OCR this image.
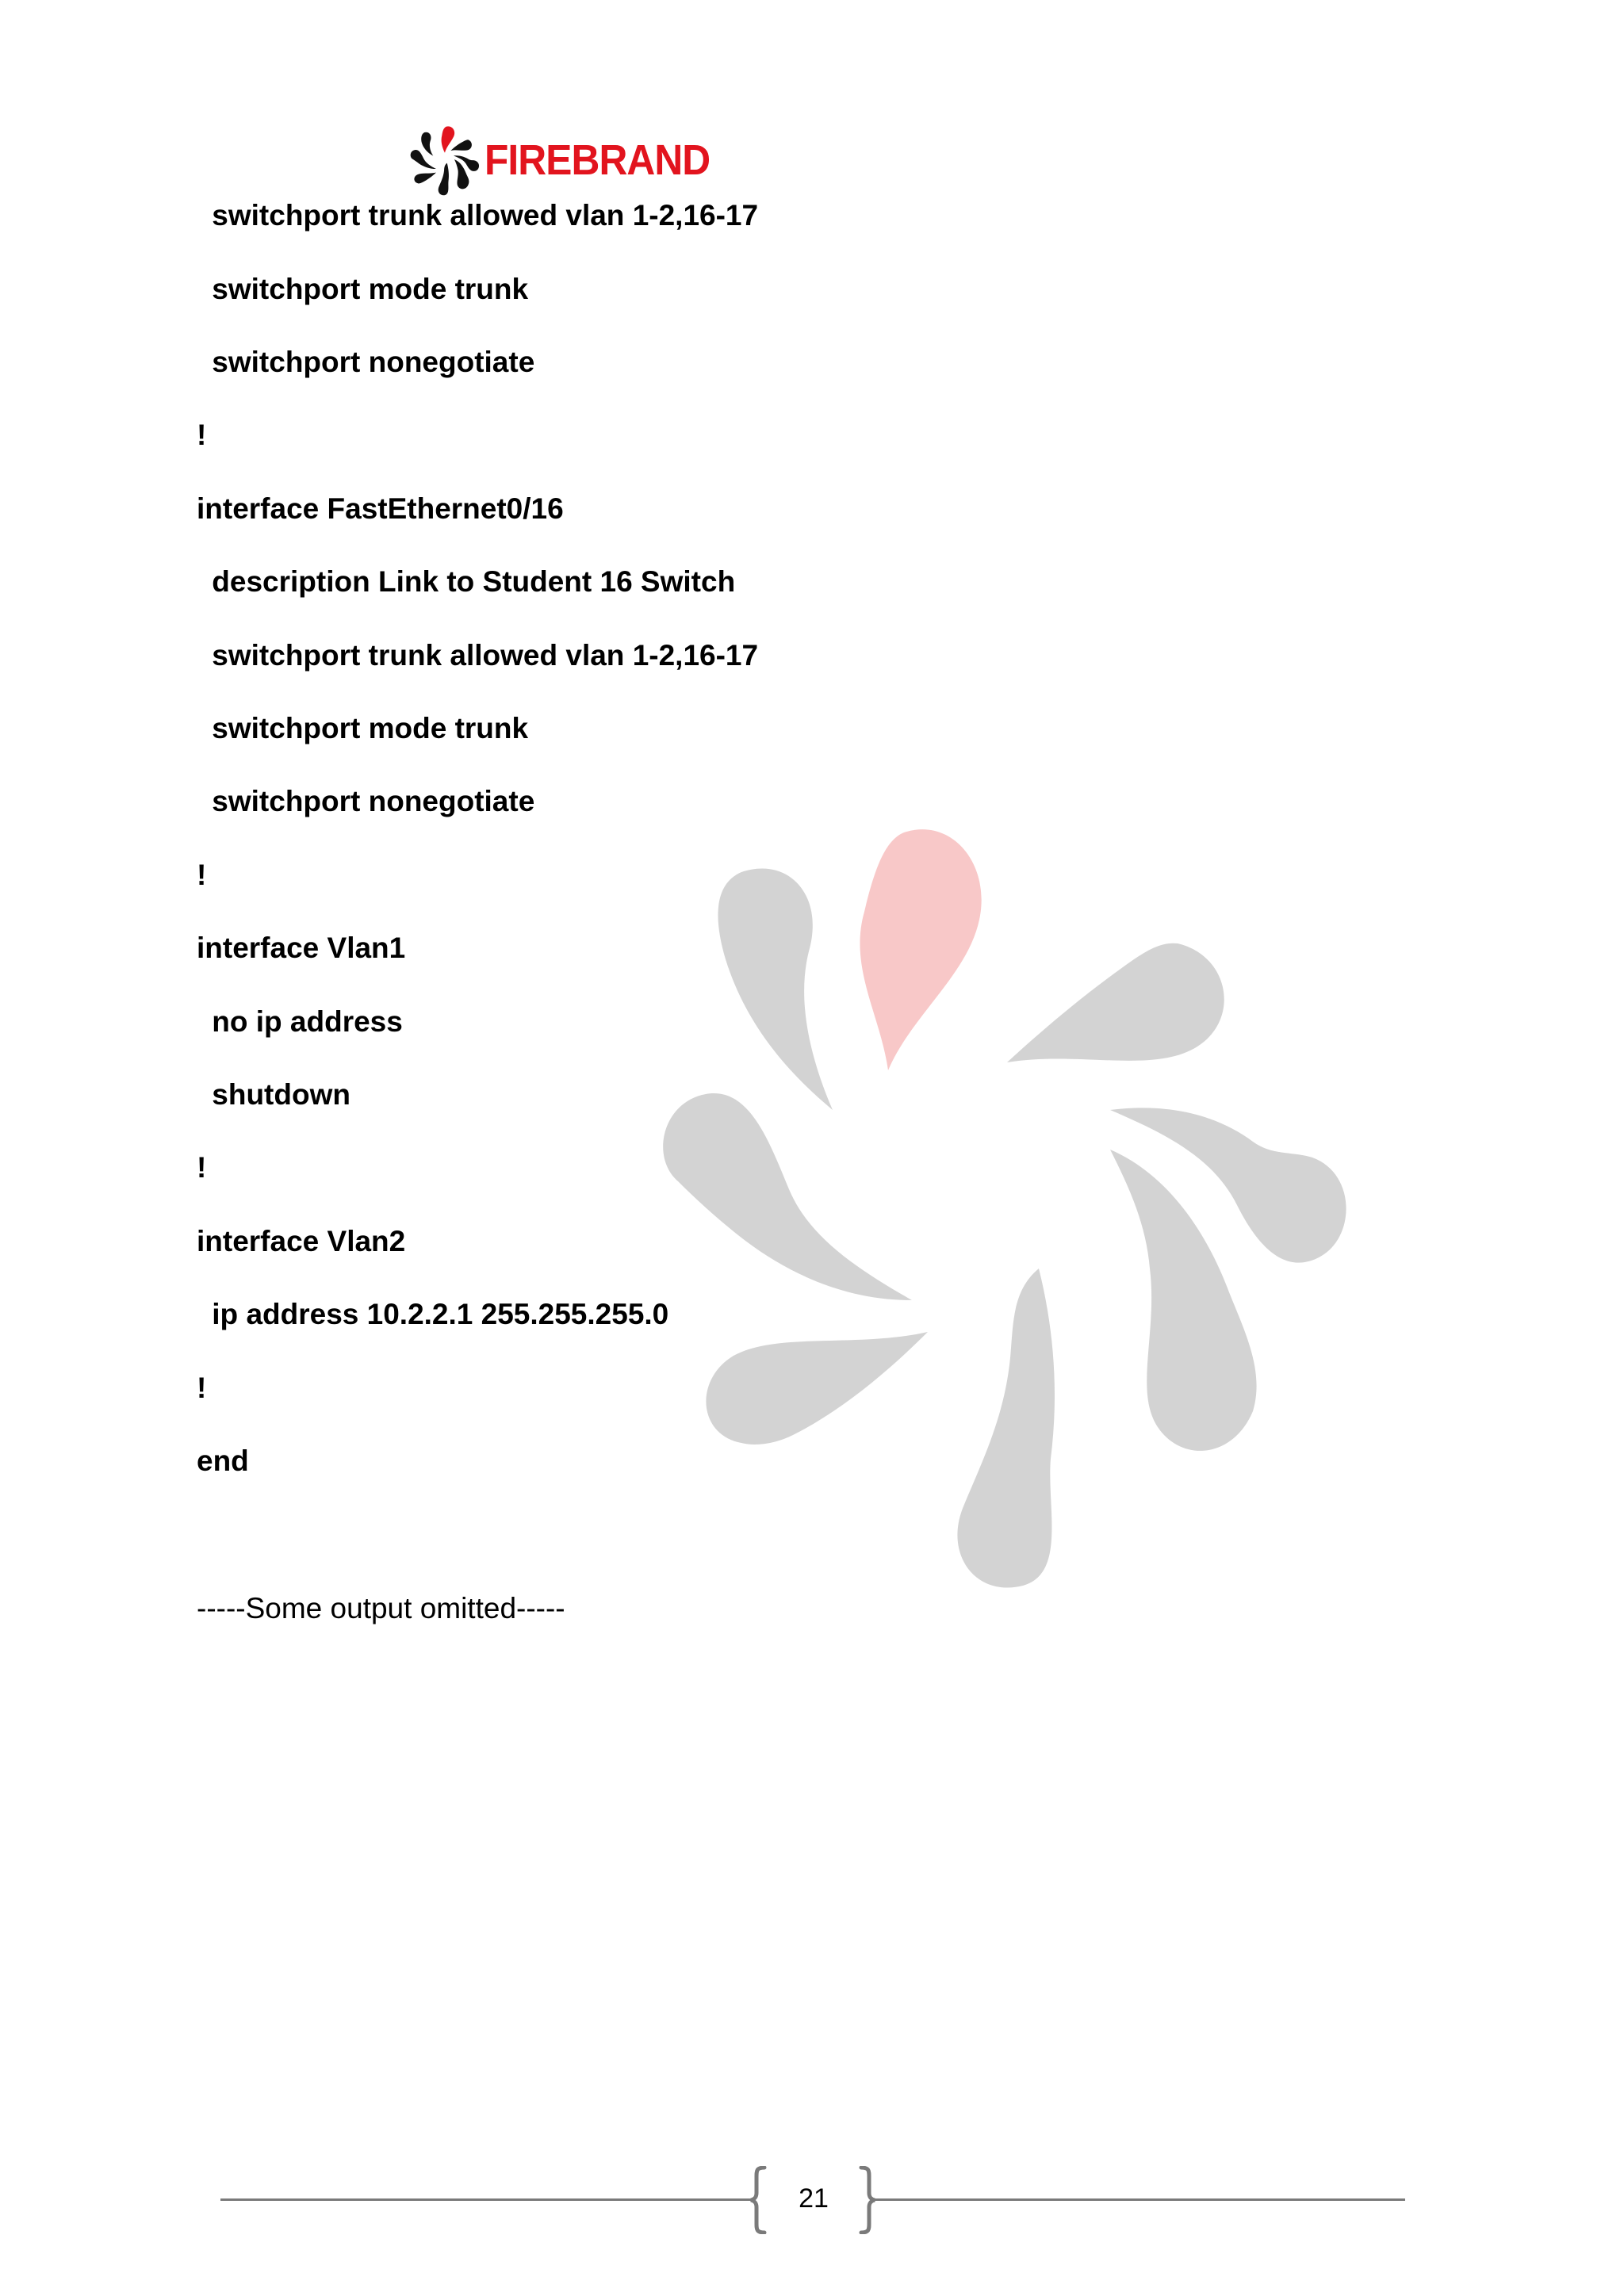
FIREBRAND
switchport trunk allowed vlan 1-2,16-17
switchport mode trunk
switchport nonegotiate
!
interface FastEthernet0/16
description Link to Student 16 Switch
switchport trunk allowed vlan 1-2,16-17
switchport mode trunk
switchport nonegotiate
!
interface Vlan1
no ip address
shutdown
!
interface Vlan2
ip address 10.2.2.1 255.255.255.0
!
end
-----Some output omitted-----
21
